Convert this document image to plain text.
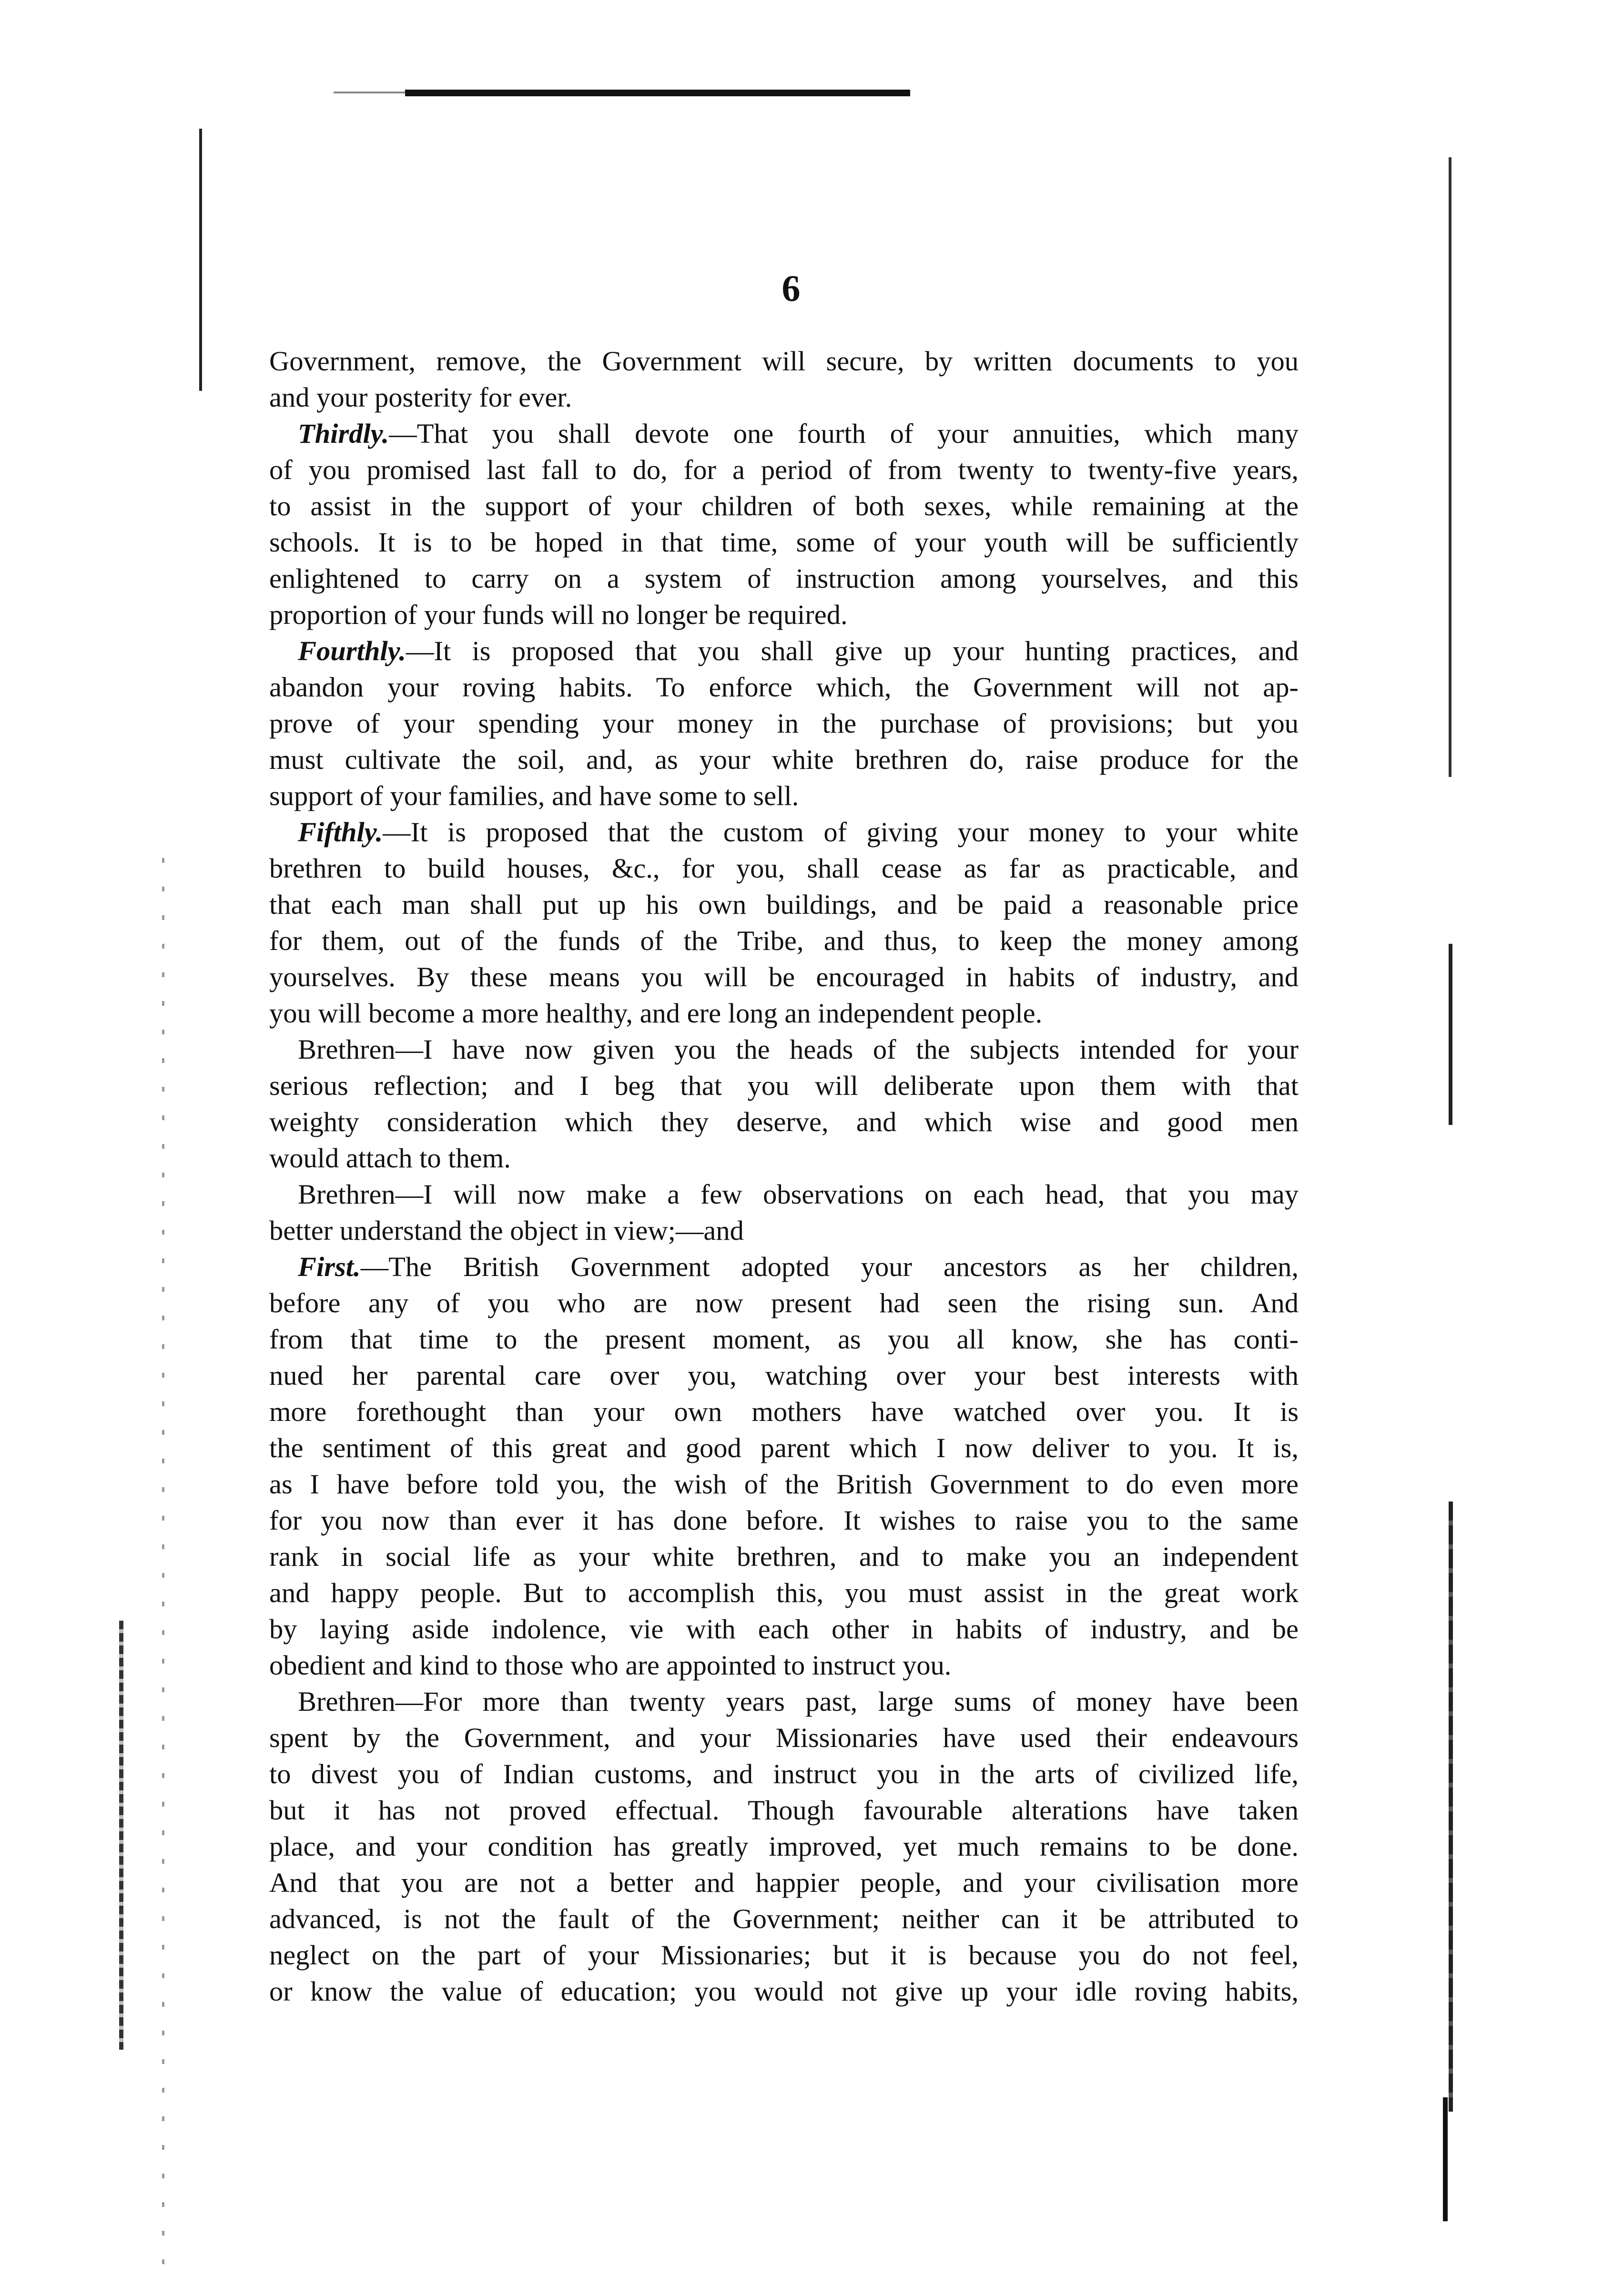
6
Government, remove, the Government will secure, by written documents to you
and your posterity for ever.
Thirdly.—That you shall devote one fourth of your annuities, which many
of you promised last fall to do, for a period of from twenty to twenty-five years,
to assist in the support of your children of both sexes, while remaining at the
schools. It is to be hoped in that time, some of your youth will be sufficiently
enlightened to carry on a system of instruction among yourselves, and this
proportion of your funds will no longer be required.
Fourthly.—It is proposed that you shall give up your hunting practices, and
abandon your roving habits. To enforce which, the Government will not ap-
prove of your spending your money in the purchase of provisions; but you
must cultivate the soil, and, as your white brethren do, raise produce for the
support of your families, and have some to sell.
Fifthly.—It is proposed that the custom of giving your money to your white
brethren to build houses, &c., for you, shall cease as far as practicable, and
that each man shall put up his own buildings, and be paid a reasonable price
for them, out of the funds of the Tribe, and thus, to keep the money among
yourselves. By these means you will be encouraged in habits of industry, and
you will become a more healthy, and ere long an independent people.
Brethren—I have now given you the heads of the subjects intended for your
serious reflection; and I beg that you will deliberate upon them with that
weighty consideration which they deserve, and which wise and good men
would attach to them.
Brethren—I will now make a few observations on each head, that you may
better understand the object in view;—and
First.—The British Government adopted your ancestors as her children,
before any of you who are now present had seen the rising sun. And
from that time to the present moment, as you all know, she has conti-
nued her parental care over you, watching over your best interests with
more forethought than your own mothers have watched over you. It is
the sentiment of this great and good parent which I now deliver to you. It is,
as I have before told you, the wish of the British Government to do even more
for you now than ever it has done before. It wishes to raise you to the same
rank in social life as your white brethren, and to make you an independent
and happy people. But to accomplish this, you must assist in the great work
by laying aside indolence, vie with each other in habits of industry, and be
obedient and kind to those who are appointed to instruct you.
Brethren—For more than twenty years past, large sums of money have been
spent by the Government, and your Missionaries have used their endeavours
to divest you of Indian customs, and instruct you in the arts of civilized life,
but it has not proved effectual. Though favourable alterations have taken
place, and your condition has greatly improved, yet much remains to be done.
And that you are not a better and happier people, and your civilisation more
advanced, is not the fault of the Government; neither can it be attributed to
neglect on the part of your Missionaries; but it is because you do not feel,
or know the value of education; you would not give up your idle roving habits,
